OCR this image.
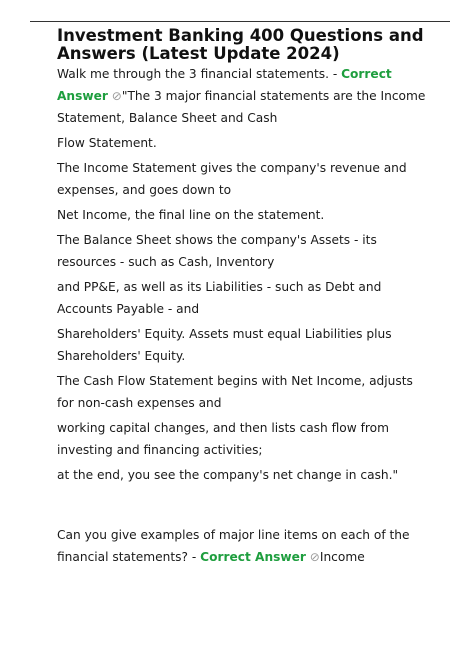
Investment Banking 400 Questions and Answers (Latest Update 2024)

Walk me through the 3 financial statements. - Correct Answer ⊘"The 3 major financial statements are the Income Statement, Balance Sheet and Cash

Flow Statement.

The Income Statement gives the company's revenue and expenses, and goes down to

Net Income, the final line on the statement.

The Balance Sheet shows the company's Assets - its resources - such as Cash, Inventory

and PP&E, as well as its Liabilities - such as Debt and Accounts Payable - and

Shareholders' Equity. Assets must equal Liabilities plus Shareholders' Equity.

The Cash Flow Statement begins with Net Income, adjusts for non-cash expenses and

working capital changes, and then lists cash flow from investing and financing activities;

at the end, you see the company's net change in cash."

Can you give examples of major line items on each of the financial statements? - Correct Answer ⊘Income
